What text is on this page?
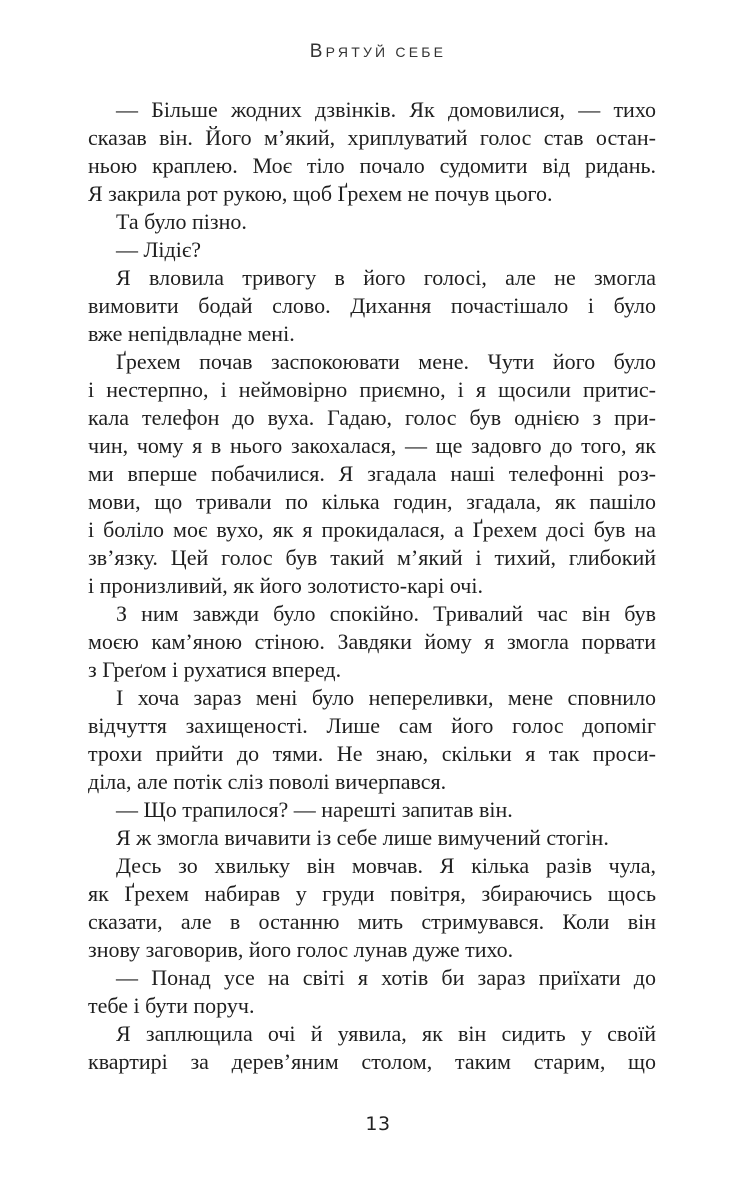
ВРЯТУЙ СЕБЕ

— Більше жодних дзвінків. Як домовилися, — тихо
сказав він. Його м’який, хриплуватий голос став остан-
ньою краплею. Моє тіло почало судомити від ридань.
Я закрила рот рукою, щоб Ґрехем не почув цього.

Та було пізно.

— Лідіє?

Я вловила тривогу в його голосі, але не змогла
вимовити бодай слово. Дихання почастішало і було
вже непідвладне мені.

Ґрехем почав заспокоювати мене. Чути його було
і нестерпно, і неймовірно приємно, і я щосили притис-
кала телефон до вуха. Гадаю, голос був однією з при-
чин, чому я в нього закохалася, — ще задовго до того, як
ми вперше побачилися. Я згадала наші телефонні роз-
мови, що тривали по кілька годин, згадала, як пашіло
і боліло моє вухо, як я прокидалася, а Ґрехем досі був на
зв’язку. Цей голос був такий м’який і тихий, глибокий
і пронизливий, як його золотисто-карі очі.

З ним завжди було спокійно. Тривалий час він був
моєю кам’яною стіною. Завдяки йому я змогла порвати
з Греґом і рухатися вперед.

І хоча зараз мені було непереливки, мене сповнило
відчуття захищеності. Лише сам його голос допоміг
трохи прийти до тями. Не знаю, скільки я так проси-
діла, але потік сліз поволі вичерпався.

— Що трапилося? — нарешті запитав він.

Я ж змогла вичавити із себе лише вимучений стогін.

Десь зо хвильку він мовчав. Я кілька разів чула,
як Ґрехем набирав у груди повітря, збираючись щось
сказати, але в останню мить стримувався. Коли він
знову заговорив, його голос лунав дуже тихо.

— Понад усе на світі я хотів би зараз приїхати до
тебе і бути поруч.

Я заплющила очі й уявила, як він сидить у своїй
квартирі за дерев’яним столом, таким старим, що

13
